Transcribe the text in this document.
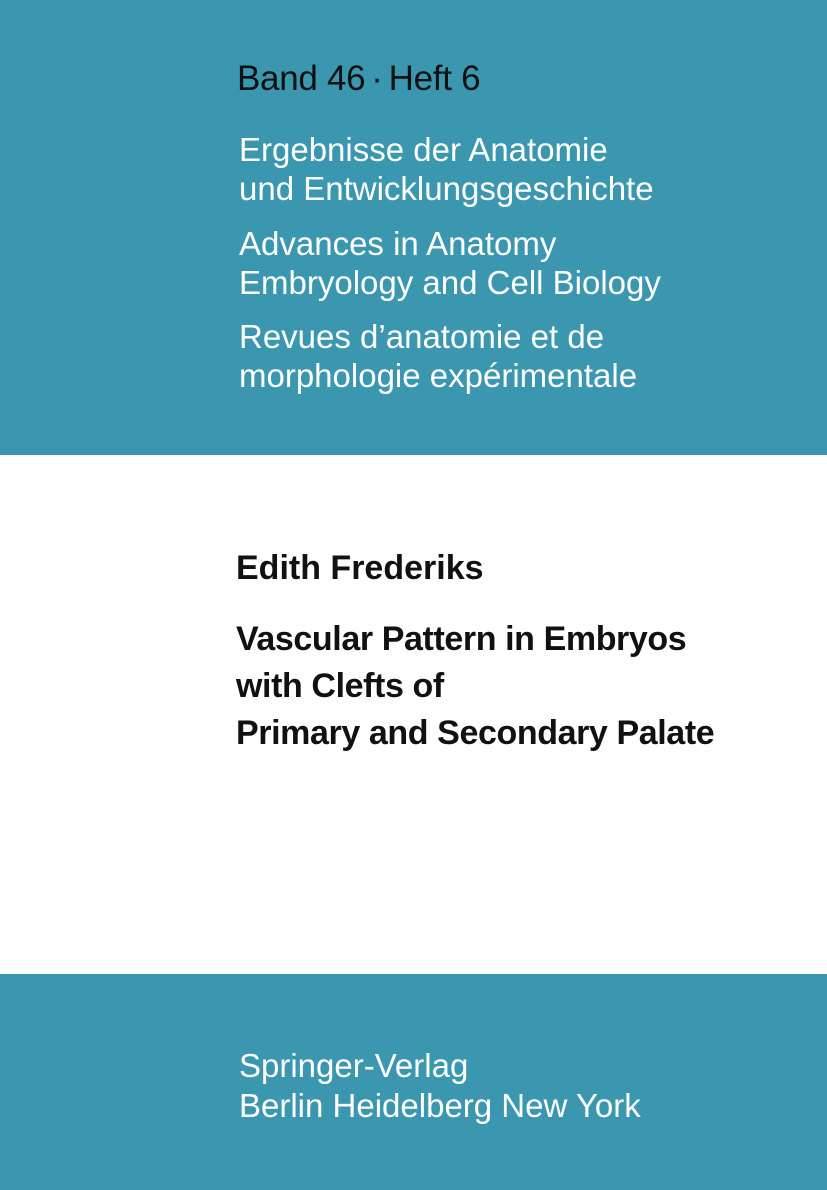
Band 46 · Heft 6
Ergebnisse der Anatomie
und Entwicklungsgeschichte
Advances in Anatomy
Embryology and Cell Biology
Revues d’anatomie et de
morphologie expérimentale
Edith Frederiks
Vascular Pattern in Embryos
with Clefts of
Primary and Secondary Palate
Springer-Verlag
Berlin Heidelberg New York
